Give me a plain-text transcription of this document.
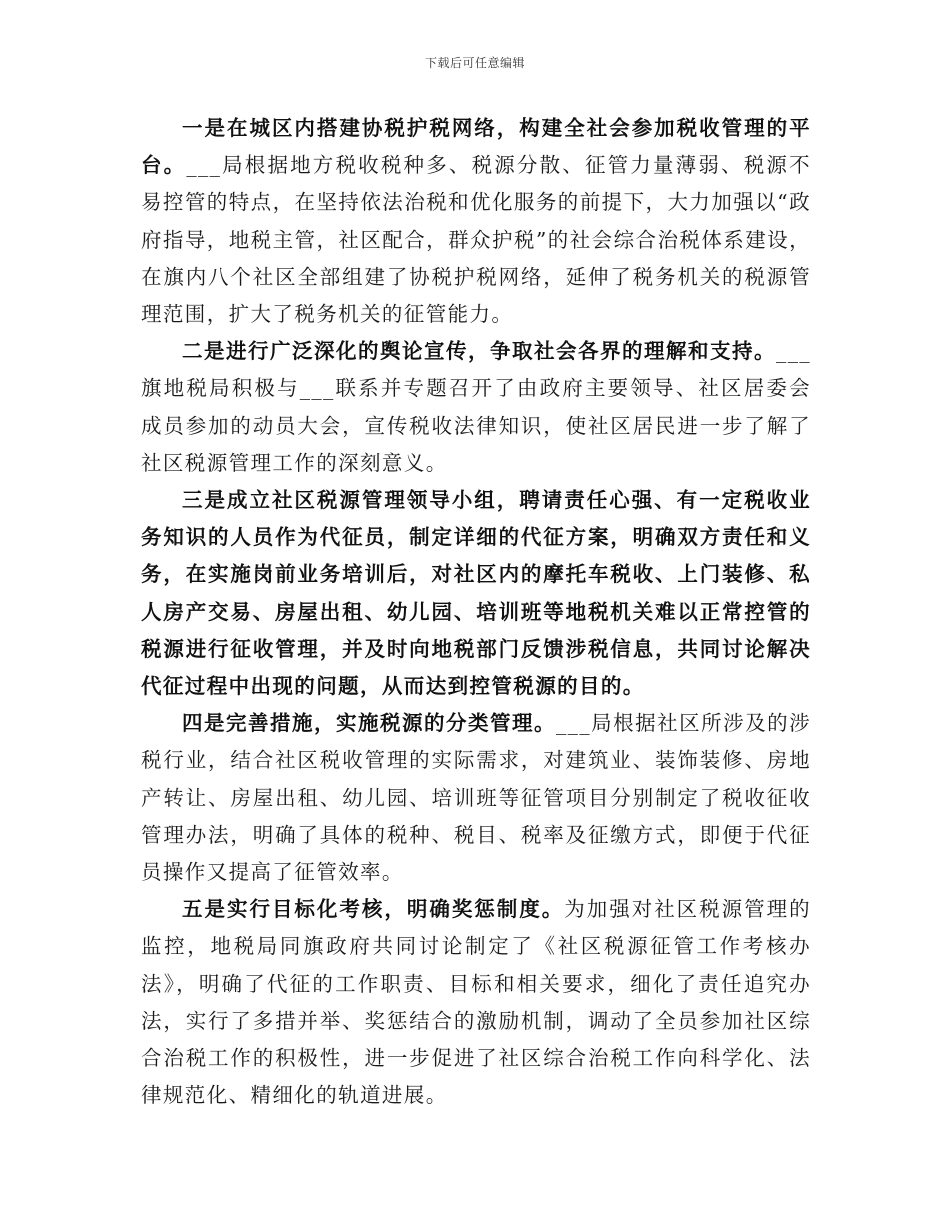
下载后可任意编辑

一是在城区内搭建协税护税网络，构建全社会参加税收管理的平台。___局根据地方税收税种多、税源分散、征管力量薄弱、税源不易控管的特点，在坚持依法治税和优化服务的前提下，大力加强以“政府指导，地税主管，社区配合，群众护税”的社会综合治税体系建设，在旗内八个社区全部组建了协税护税网络，延伸了税务机关的税源管理范围，扩大了税务机关的征管能力。

二是进行广泛深化的舆论宣传，争取社会各界的理解和支持。___旗地税局积极与___联系并专题召开了由政府主要领导、社区居委会成员参加的动员大会，宣传税收法律知识，使社区居民进一步了解了社区税源管理工作的深刻意义。

三是成立社区税源管理领导小组，聘请责任心强、有一定税收业务知识的人员作为代征员，制定详细的代征方案，明确双方责任和义务，在实施岗前业务培训后，对社区内的摩托车税收、上门装修、私人房产交易、房屋出租、幼儿园、培训班等地税机关难以正常控管的税源进行征收管理，并及时向地税部门反馈涉税信息，共同讨论解决代征过程中出现的问题，从而达到控管税源的目的。

四是完善措施，实施税源的分类管理。___局根据社区所涉及的涉税行业，结合社区税收管理的实际需求，对建筑业、装饰装修、房地产转让、房屋出租、幼儿园、培训班等征管项目分别制定了税收征收管理办法，明确了具体的税种、税目、税率及征缴方式，即便于代征员操作又提高了征管效率。

五是实行目标化考核，明确奖惩制度。为加强对社区税源管理的监控，地税局同旗政府共同讨论制定了《社区税源征管工作考核办法》，明确了代征的工作职责、目标和相关要求，细化了责任追究办法，实行了多措并举、奖惩结合的激励机制，调动了全员参加社区综合治税工作的积极性，进一步促进了社区综合治税工作向科学化、法律规范化、精细化的轨道进展。
